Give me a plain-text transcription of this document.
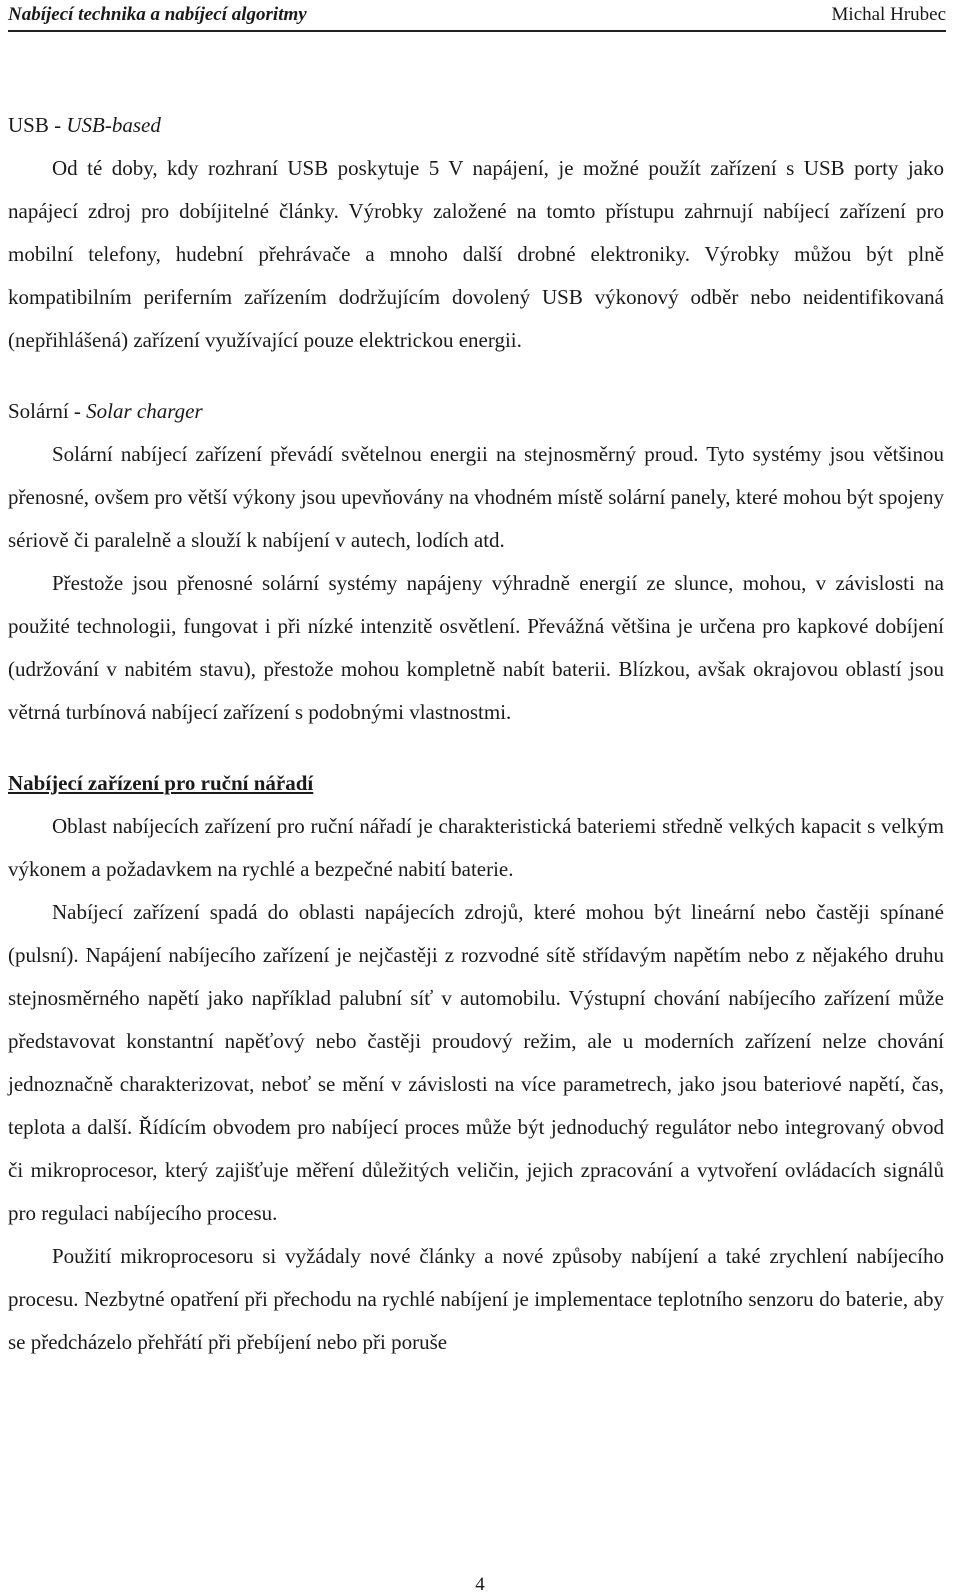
Nabíjecí technika a nabíjecí algoritmy	Michal Hrubec

USB - USB-based

Od té doby, kdy rozhraní USB poskytuje 5 V napájení, je možné použít zařízení s USB porty jako napájecí zdroj pro dobíjitelné články. Výrobky založené na tomto přístupu zahrnují nabíjecí zařízení pro mobilní telefony, hudební přehrávače a mnoho další drobné elektroniky. Výrobky můžou být plně kompatibilním periferním zařízením dodržujícím dovolený USB výkonový odběr nebo neidentifikovaná (nepřihlášená) zařízení využívající pouze elektrickou energii.

Solární - Solar charger

Solární nabíjecí zařízení převádí světelnou energii na stejnosměrný proud. Tyto systémy jsou většinou přenosné, ovšem pro větší výkony jsou upevňovány na vhodném místě solární panely, které mohou být spojeny sériově či paralelně a slouží k nabíjení v autech, lodích atd.

Přestože jsou přenosné solární systémy napájeny výhradně energií ze slunce, mohou, v závislosti na použité technologii, fungovat i při nízké intenzitě osvětlení. Převážná většina je určena pro kapkové dobíjení (udržování v nabitém stavu), přestože mohou kompletně nabít baterii. Blízkou, avšak okrajovou oblastí jsou větrná turbínová nabíjecí zařízení s podobnými vlastnostmi.

Nabíjecí zařízení pro ruční nářadí

Oblast nabíjecích zařízení pro ruční nářadí je charakteristická bateriemi středně velkých kapacit s velkým výkonem a požadavkem na rychlé a bezpečné nabití baterie.

Nabíjecí zařízení spadá do oblasti napájecích zdrojů, které mohou být lineární nebo častěji spínané (pulsní). Napájení nabíjecího zařízení je nejčastěji z rozvodné sítě střídavým napětím nebo z nějakého druhu stejnosměrného napětí jako například palubní síť v automobilu. Výstupní chování nabíjecího zařízení může představovat konstantní napěťový nebo častěji proudový režim, ale u moderních zařízení nelze chování jednoznačně charakterizovat, neboť se mění v závislosti na více parametrech, jako jsou bateriové napětí, čas, teplota a další. Řídícím obvodem pro nabíjecí proces může být jednoduchý regulátor nebo integrovaný obvod či mikroprocesor, který zajišťuje měření důležitých veličin, jejich zpracování a vytvoření ovládacích signálů pro regulaci nabíjecího procesu.

Použití mikroprocesoru si vyžádaly nové články a nové způsoby nabíjení a také zrychlení nabíjecího procesu. Nezbytné opatření při přechodu na rychlé nabíjení je implementace teplotního senzoru do baterie, aby se předcházelo přehřátí při přebíjení nebo při poruše

4
